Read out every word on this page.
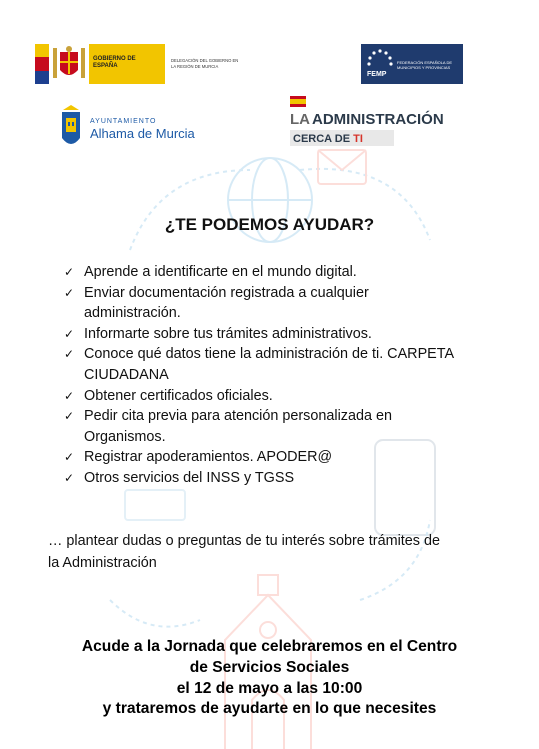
GOBIERNO DE ESPAÑA
DELEGACIÓN DEL GOBIERNO EN LA REGIÓN DE MURCIA
FEMP
FEDERACIÓN ESPAÑOLA DE MUNICIPIOS Y PROVINCIAS
AYUNTAMIENTO
Alhama de Murcia
LA ADMINISTRACIÓN
CERCA DE TI
¿TE PODEMOS AYUDAR?
✓ Aprende a identificarte en el mundo digital.
✓ Enviar documentación registrada a cualquier
administración.
✓ Informarte sobre tus trámites administrativos.
✓ Conoce qué datos tiene la administración de ti. CARPETA
CIUDADANA
✓ Obtener certificados oficiales.
✓ Pedir cita previa para atención personalizada en
Organismos.
✓ Registrar apoderamientos. APODER@
✓ Otros servicios del INSS y TGSS
… plantear dudas o preguntas de tu interés sobre trámites de
la Administración
Acude a la Jornada que celebraremos en el Centro
de Servicios Sociales
el 12 de mayo a las 10:00
y trataremos de ayudarte en lo que necesites
